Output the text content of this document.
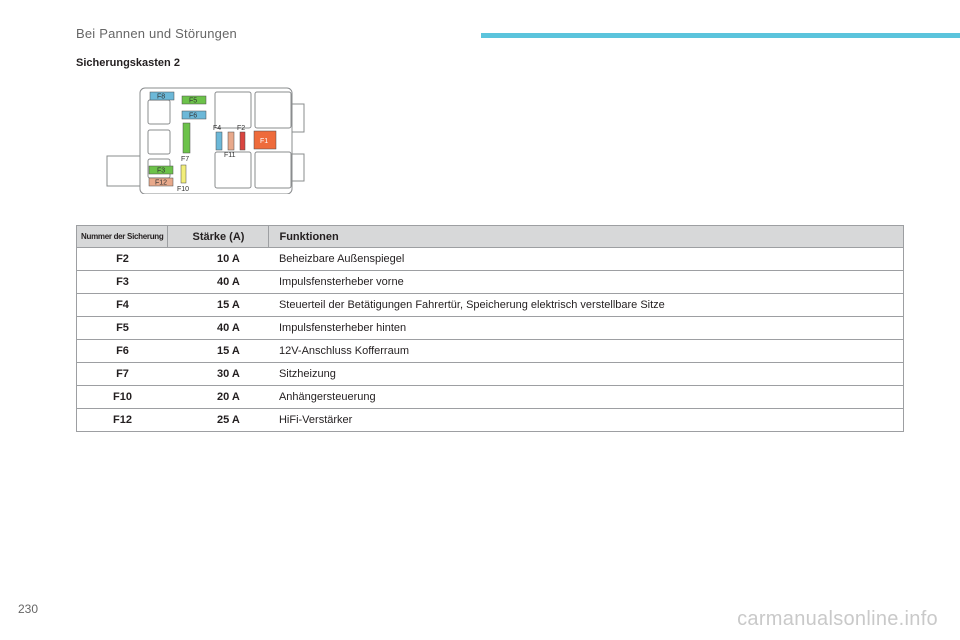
Bei Pannen und Störungen
Sicherungskasten 2
F8
F5
F6
F7
F4 F2
F11
F1
F3
F12
F10
Nummer der Sicherung	Stärke (A)	Funktionen
F2	10 A	Beheizbare Außenspiegel
F3	40 A	Impulsfensterheber vorne
F4	15 A	Steuerteil der Betätigungen Fahrertür, Speicherung elektrisch verstellbare Sitze
F5	40 A	Impulsfensterheber hinten
F6	15 A	12V-Anschluss Kofferraum
F7	30 A	Sitzheizung
F10	20 A	Anhängersteuerung
F12	25 A	HiFi-Verstärker
230	carmanualsonline.info
